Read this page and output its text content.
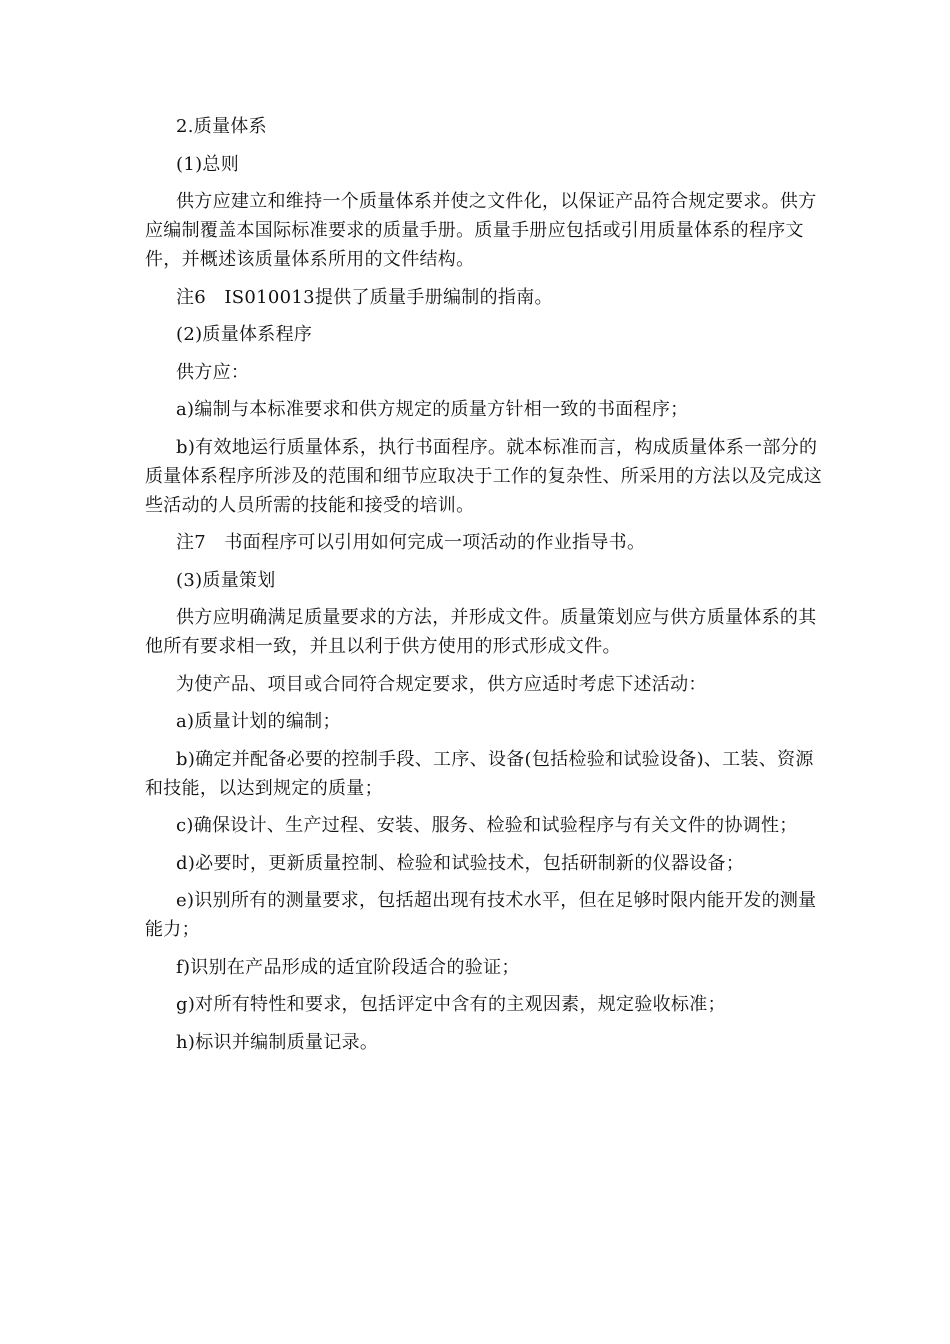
2.质量体系

(1)总则

供方应建立和维持一个质量体系并使之文件化，以保证产品符合规定要求。供方应编制覆盖本国际标准要求的质量手册。质量手册应包括或引用质量体系的程序文件，并概述该质量体系所用的文件结构。

注6　IS010013提供了质量手册编制的指南。

(2)质量体系程序

供方应：

a)编制与本标准要求和供方规定的质量方针相一致的书面程序；

b)有效地运行质量体系，执行书面程序。就本标准而言，构成质量体系一部分的质量体系程序所涉及的范围和细节应取决于工作的复杂性、所采用的方法以及完成这些活动的人员所需的技能和接受的培训。

注7　书面程序可以引用如何完成一项活动的作业指导书。

(3)质量策划

供方应明确满足质量要求的方法，并形成文件。质量策划应与供方质量体系的其他所有要求相一致，并且以利于供方使用的形式形成文件。

为使产品、项目或合同符合规定要求，供方应适时考虑下述活动：

a)质量计划的编制；

b)确定并配备必要的控制手段、工序、设备(包括检验和试验设备)、工装、资源和技能，以达到规定的质量；

c)确保设计、生产过程、安装、服务、检验和试验程序与有关文件的协调性；

d)必要时，更新质量控制、检验和试验技术，包括研制新的仪器设备；

e)识别所有的测量要求，包括超出现有技术水平，但在足够时限内能开发的测量能力；

f)识别在产品形成的适宜阶段适合的验证；

g)对所有特性和要求，包括评定中含有的主观因素，规定验收标准；

h)标识并编制质量记录。
